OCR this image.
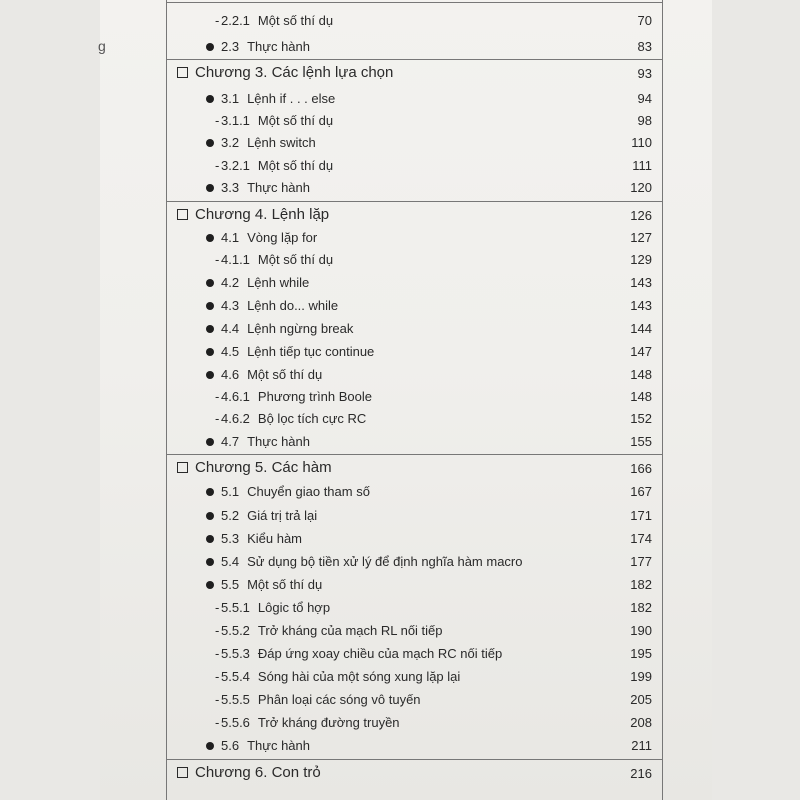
g
- 2.2.1 Một số thí dụ	70
2.3 Thực hành	83
Chương 3. Các lệnh lựa chọn	93
3.1 Lệnh if . . . else	94
- 3.1.1 Một số thí dụ	98
3.2 Lệnh switch	110
- 3.2.1 Một số thí dụ	111
3.3 Thực hành	120
Chương 4. Lệnh lặp	126
4.1 Vòng lặp for	127
- 4.1.1 Một số thí dụ	129
4.2 Lệnh while	143
4.3 Lệnh do... while	143
4.4 Lệnh ngừng break	144
4.5 Lệnh tiếp tục continue	147
4.6 Một số thí dụ	148
- 4.6.1 Phương trình Boole	148
- 4.6.2 Bộ lọc tích cực RC	152
4.7 Thực hành	155
Chương 5. Các hàm	166
5.1 Chuyển giao tham số	167
5.2 Giá trị trả lại	171
5.3 Kiểu hàm	174
5.4 Sử dụng bộ tiền xử lý để định nghĩa hàm macro	177
5.5 Một số thí dụ	182
- 5.5.1 Lôgic tổ hợp	182
- 5.5.2 Trở kháng của mạch RL nối tiếp	190
- 5.5.3 Đáp ứng xoay chiều của mạch RC nối tiếp	195
- 5.5.4 Sóng hài của một sóng xung lặp lại	199
- 5.5.5 Phân loại các sóng vô tuyến	205
- 5.5.6 Trở kháng đường truyền	208
5.6 Thực hành	211
Chương 6. Con trỏ	216
